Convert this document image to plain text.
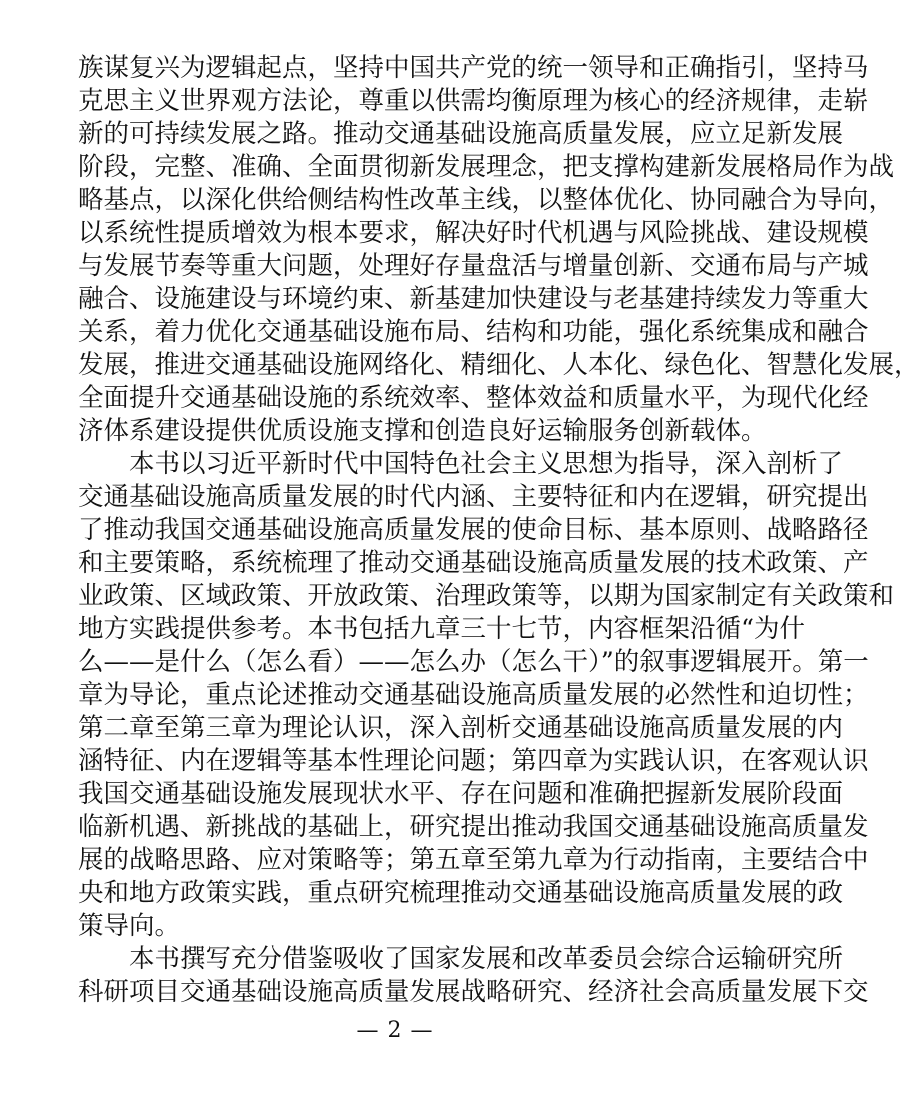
族谋复兴为逻辑起点，坚持中国共产党的统一领导和正确指引，坚持马
克思主义世界观方法论，尊重以供需均衡原理为核心的经济规律，走崭
新的可持续发展之路。推动交通基础设施高质量发展，应立足新发展
阶段，完整、准确、全面贯彻新发展理念，把支撑构建新发展格局作为战
略基点，以深化供给侧结构性改革主线，以整体优化、协同融合为导向，
以系统性提质增效为根本要求，解决好时代机遇与风险挑战、建设规模
与发展节奏等重大问题，处理好存量盘活与增量创新、交通布局与产城
融合、设施建设与环境约束、新基建加快建设与老基建持续发力等重大
关系，着力优化交通基础设施布局、结构和功能，强化系统集成和融合
发展，推进交通基础设施网络化、精细化、人本化、绿色化、智慧化发展，
全面提升交通基础设施的系统效率、整体效益和质量水平，为现代化经
济体系建设提供优质设施支撑和创造良好运输服务创新载体。
本书以习近平新时代中国特色社会主义思想为指导，深入剖析了
交通基础设施高质量发展的时代内涵、主要特征和内在逻辑，研究提出
了推动我国交通基础设施高质量发展的使命目标、基本原则、战略路径
和主要策略，系统梳理了推动交通基础设施高质量发展的技术政策、产
业政策、区域政策、开放政策、治理政策等，以期为国家制定有关政策和
地方实践提供参考。本书包括九章三十七节，内容框架沿循“为什
么——是什么（怎么看）——怎么办（怎么干）”的叙事逻辑展开。第一
章为导论，重点论述推动交通基础设施高质量发展的必然性和迫切性；
第二章至第三章为理论认识，深入剖析交通基础设施高质量发展的内
涵特征、内在逻辑等基本性理论问题；第四章为实践认识，在客观认识
我国交通基础设施发展现状水平、存在问题和准确把握新发展阶段面
临新机遇、新挑战的基础上，研究提出推动我国交通基础设施高质量发
展的战略思路、应对策略等；第五章至第九章为行动指南，主要结合中
央和地方政策实践，重点研究梳理推动交通基础设施高质量发展的政
策导向。
本书撰写充分借鉴吸收了国家发展和改革委员会综合运输研究所
科研项目交通基础设施高质量发展战略研究、经济社会高质量发展下交
— 2 —
